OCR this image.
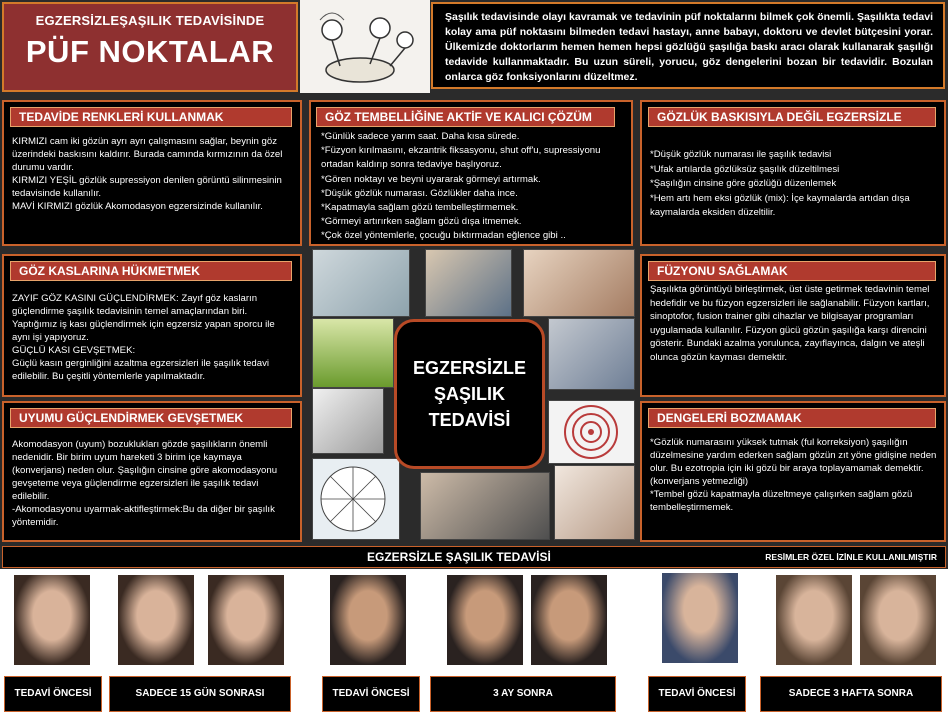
EGZERSİZLEŞAŞILIK TEDAVİSİNDE
PÜF NOKTALAR
Şaşılık tedavisinde olayı kavramak ve tedavinin püf noktalarını bilmek çok önemli. Şaşılıkta tedavi kolay ama püf noktasını bilmeden tedavi hastayı, anne babayı, doktoru ve devlet bütçesini yorar. Ülkemizde doktorlarım hemen hemen hepsi gözlüğü şaşılığa baskı aracı olarak kullanarak şaşılığı tedavide kullanmaktadır. Bu uzun süreli, yorucu, göz dengelerini bozan bir tedavidir. Bozulan onlarca göz fonksiyonlarını düzeltmez.
TEDAVİDE RENKLERİ KULLANMAK
KIRMIZI cam iki gözün ayrı ayrı çalışmasını sağlar, beynin göz üzerindeki baskısını kaldırır. Burada camında kırmızının da özel durumu vardır.
KIRMIZI YEŞİL gözlük supressiyon denilen görüntü silinmesinin tedavisinde kullanılır.
MAVİ KIRMIZI gözlük Akomodasyon egzersizinde kullanılır.
GÖZ TEMBELLİĞİNE AKTİF VE KALICI ÇÖZÜM
*Günlük sadece yarım saat. Daha kısa sürede.
*Füzyon kırılmasını, ekzantrik fiksasyonu, shut off'u, supressiyonu ortadan kaldırıp sonra tedaviye başlıyoruz.
*Gören noktayı ve beyni uyararak görmeyi artırmak.
*Düşük gözlük numarası. Gözlükler daha ince.
*Kapatmayla sağlam gözü tembelleştirmemek.
*Görmeyi artırırken sağlam gözü dışa itmemek.
*Çok özel yöntemlerle, çocuğu bıktırmadan eğlence gibi ..
GÖZLÜK BASKISIYLA DEĞİL EGZERSİZLE
*Düşük gözlük numarası ile şaşılık tedavisi
*Ufak artılarda gözlüksüz şaşılık düzeltilmesi
*Şaşılığın cinsine göre gözlüğü düzenlemek
*Hem artı hem eksi gözlük (mix): İçe kaymalarda artıdan dışa kaymalarda eksiden düzeltilir.
GÖZ KASLARINA HÜKMETMEK
ZAYIF GÖZ KASINI GÜÇLENDİRMEK: Zayıf göz kasların güçlendirme şaşılık tedavisinin temel amaçlarından biri. Yaptığımız iş kası güçlendirmek için egzersiz yapan sporcu ile aynı işi yapıyoruz.
GÜÇLÜ KASI GEVŞETMEK:
Güçlü kasın gerginliğini azaltma egzersizleri ile şaşılık tedavi edilebilir. Bu çeşitli yöntemlerle yapılmaktadır.
FÜZYONU SAĞLAMAK
Şaşılıkta görüntüyü birleştirmek, üst üste getirmek tedavinin temel hedefidir ve bu füzyon egzersizleri ile sağlanabilir. Füzyon kartları, sinoptofor, fusion trainer gibi cihazlar ve bilgisayar programları uygulamada kullanılır. Füzyon gücü gözün şaşılığa karşı direncini gösterir. Bundaki azalma yorulunca, zayıflayınca, dalgın ve ateşli olunca gözün kayması demektir.
UYUMU GÜÇLENDİRMEK GEVŞETMEK
Akomodasyon (uyum) bozuklukları gözde şaşılıkların önemli nedenidir. Bir birim uyum hareketi 3 birim içe kaymaya (konverjans) neden olur. Şaşılığın cinsine göre akomodasyonu gevşeteme veya güçlendirme egzersizleri ile şaşılık tedavi edilebilir.
-Akomodasyonu uyarmak-aktifleştirmek:Bu da diğer bir şaşılık yöntemidir.
DENGELERİ BOZMAMAK
*Gözlük numarasını yüksek tutmak (ful korreksiyon) şaşılığın düzelmesine yardım ederken sağlam gözün zıt yöne gidişine neden olur. Bu ezotropia için iki gözü bir araya toplayamamak demektir. (konverjans yetmezliği)
*Tembel gözü kapatmayla düzeltmeye çalışırken sağlam gözü tembelleştirmemek.
EGZERSİZLE
ŞAŞILIK
TEDAVİSİ
EGZERSİZLE ŞAŞILIK TEDAVİSİ	RESİMLER ÖZEL İZİNLE KULLANILMIŞTIR
TEDAVİ ÖNCESİ	SADECE 15 GÜN SONRASI	TEDAVİ ÖNCESİ	3 AY SONRA	TEDAVİ ÖNCESİ	SADECE 3 HAFTA SONRA
